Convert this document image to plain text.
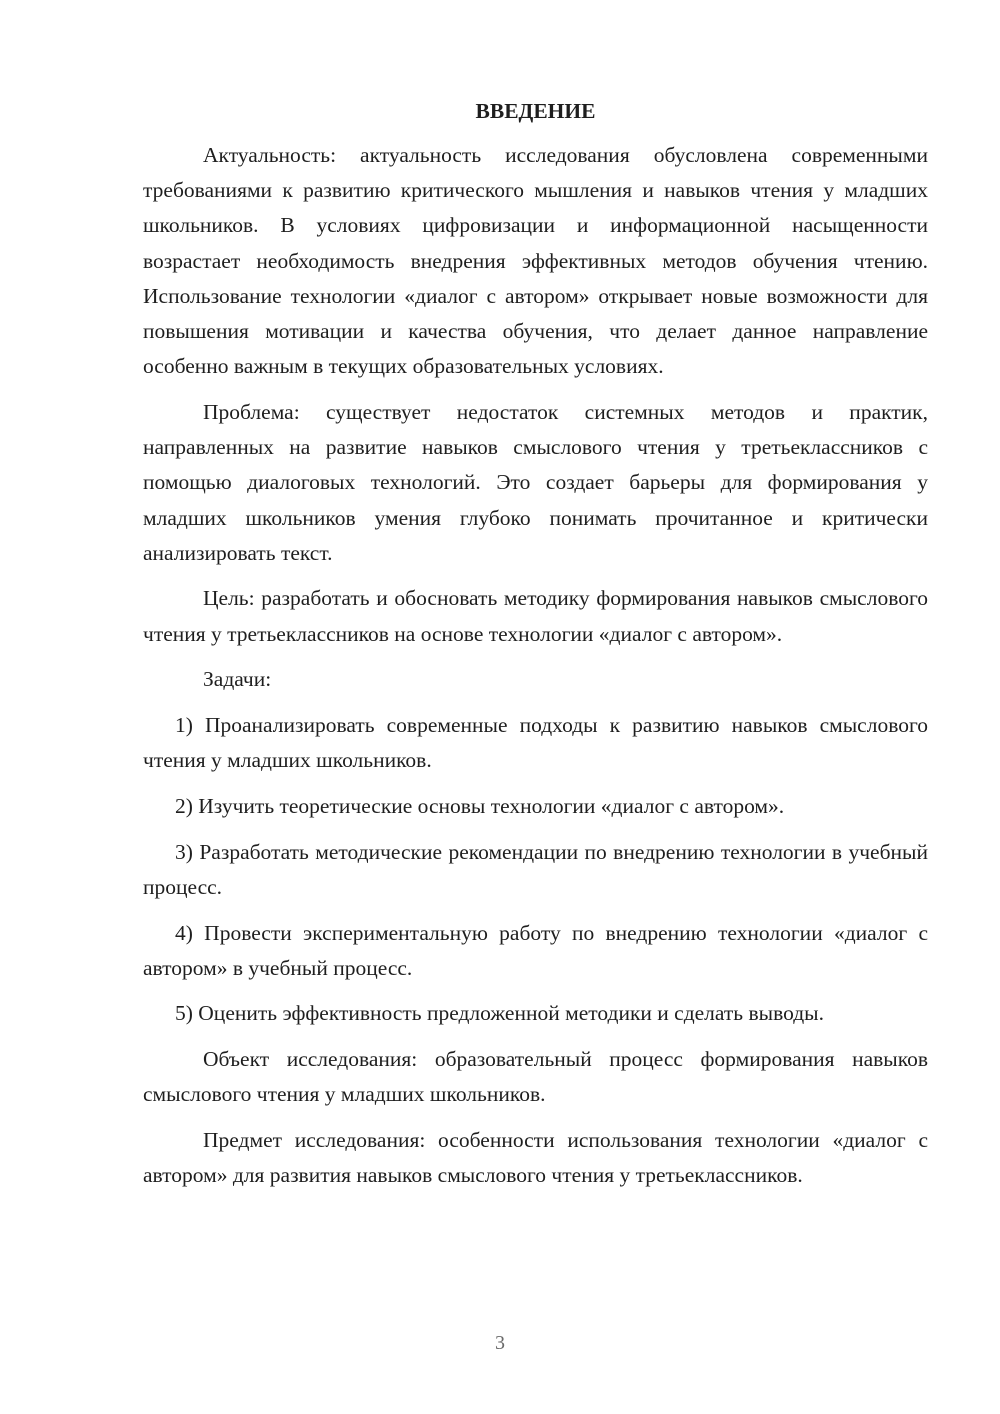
ВВЕДЕНИЕ

Актуальность: актуальность исследования обусловлена современными требованиями к развитию критического мышления и навыков чтения у младших школьников. В условиях цифровизации и информационной насыщенности возрастает необходимость внедрения эффективных методов обучения чтению. Использование технологии «диалог с автором» открывает новые возможности для повышения мотивации и качества обучения, что делает данное направление особенно важным в текущих образовательных условиях.

Проблема: существует недостаток системных методов и практик, направленных на развитие навыков смыслового чтения у третьеклассников с помощью диалоговых технологий. Это создает барьеры для формирования у младших школьников умения глубоко понимать прочитанное и критически анализировать текст.

Цель: разработать и обосновать методику формирования навыков смыслового чтения у третьеклассников на основе технологии «диалог с автором».

Задачи:

1) Проанализировать современные подходы к развитию навыков смыслового чтения у младших школьников.

2) Изучить теоретические основы технологии «диалог с автором».

3) Разработать методические рекомендации по внедрению технологии в учебный процесс.

4) Провести экспериментальную работу по внедрению технологии «диалог с автором» в учебный процесс.

5) Оценить эффективность предложенной методики и сделать выводы.

Объект исследования: образовательный процесс формирования навыков смыслового чтения у младших школьников.

Предмет исследования: особенности использования технологии «диалог с автором» для развития навыков смыслового чтения у третьеклассников.

3
